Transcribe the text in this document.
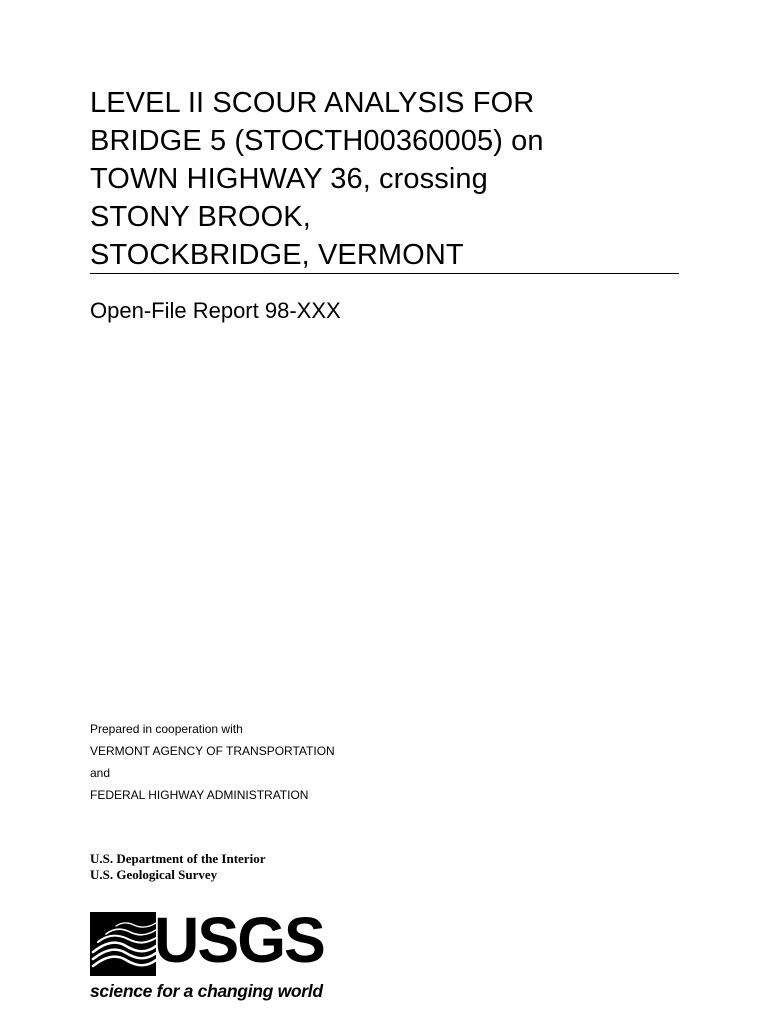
LEVEL II SCOUR ANALYSIS FOR
BRIDGE 5 (STOCTH00360005) on
TOWN HIGHWAY 36, crossing
STONY BROOK,
STOCKBRIDGE, VERMONT
Open-File Report 98-XXX
Prepared in cooperation with
VERMONT AGENCY OF TRANSPORTATION
and
FEDERAL HIGHWAY ADMINISTRATION
U.S. Department of the Interior
U.S. Geological Survey
USGS
science for a changing world
